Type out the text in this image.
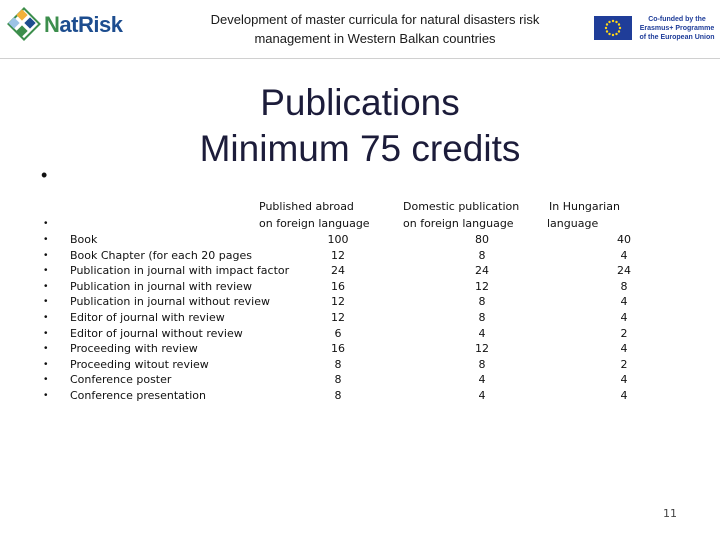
NatRisk	Development of master curricula for natural disasters risk
management in Western Balkan countries
Co-funded by the
Erasmus+ Programme
of the European Union
Publications
Minimum 75 credits
•
Published abroad
on foreign language
Domestic publication
on foreign language
In Hungarian
language
•
• Book	100	80	40
• Book Chapter (for each 20 pages	12	8	4
• Publication in journal with impact factor	24	24	24
• Publication in journal with review	16	12	8
• Publication in journal without review	12	8	4
• Editor of journal with review	12	8	4
• Editor of journal without review	6	4	2
• Proceeding with review	16	12	4
• Proceeding witout review	8	8	2
• Conference poster	8	4	4
• Conference presentation	8	4	4
11
